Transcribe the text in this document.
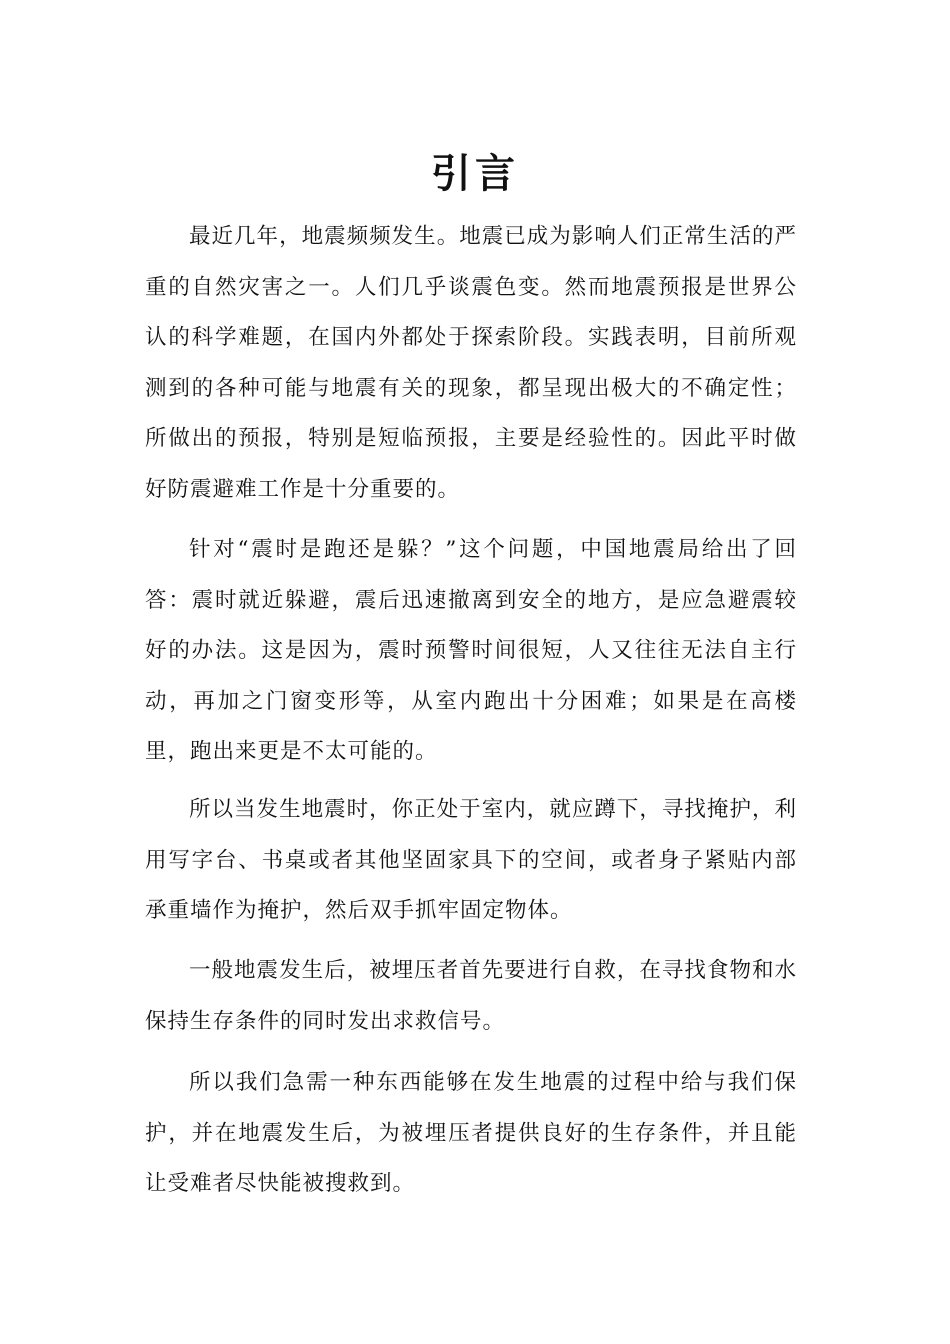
引言

最近几年，地震频频发生。地震已成为影响人们正常生活的严重的自然灾害之一。人们几乎谈震色变。然而地震预报是世界公认的科学难题，在国内外都处于探索阶段。实践表明，目前所观测到的各种可能与地震有关的现象，都呈现出极大的不确定性；所做出的预报，特别是短临预报，主要是经验性的。因此平时做好防震避难工作是十分重要的。

针对“震时是跑还是躲？”这个问题，中国地震局给出了回答：震时就近躲避，震后迅速撤离到安全的地方，是应急避震较好的办法。这是因为，震时预警时间很短，人又往往无法自主行动，再加之门窗变形等，从室内跑出十分困难；如果是在高楼里，跑出来更是不太可能的。

所以当发生地震时，你正处于室内，就应蹲下，寻找掩护，利用写字台、书桌或者其他坚固家具下的空间，或者身子紧贴内部承重墙作为掩护，然后双手抓牢固定物体。

一般地震发生后，被埋压者首先要进行自救，在寻找食物和水保持生存条件的同时发出求救信号。

所以我们急需一种东西能够在发生地震的过程中给与我们保护，并在地震发生后，为被埋压者提供良好的生存条件，并且能让受难者尽快能被搜救到。
